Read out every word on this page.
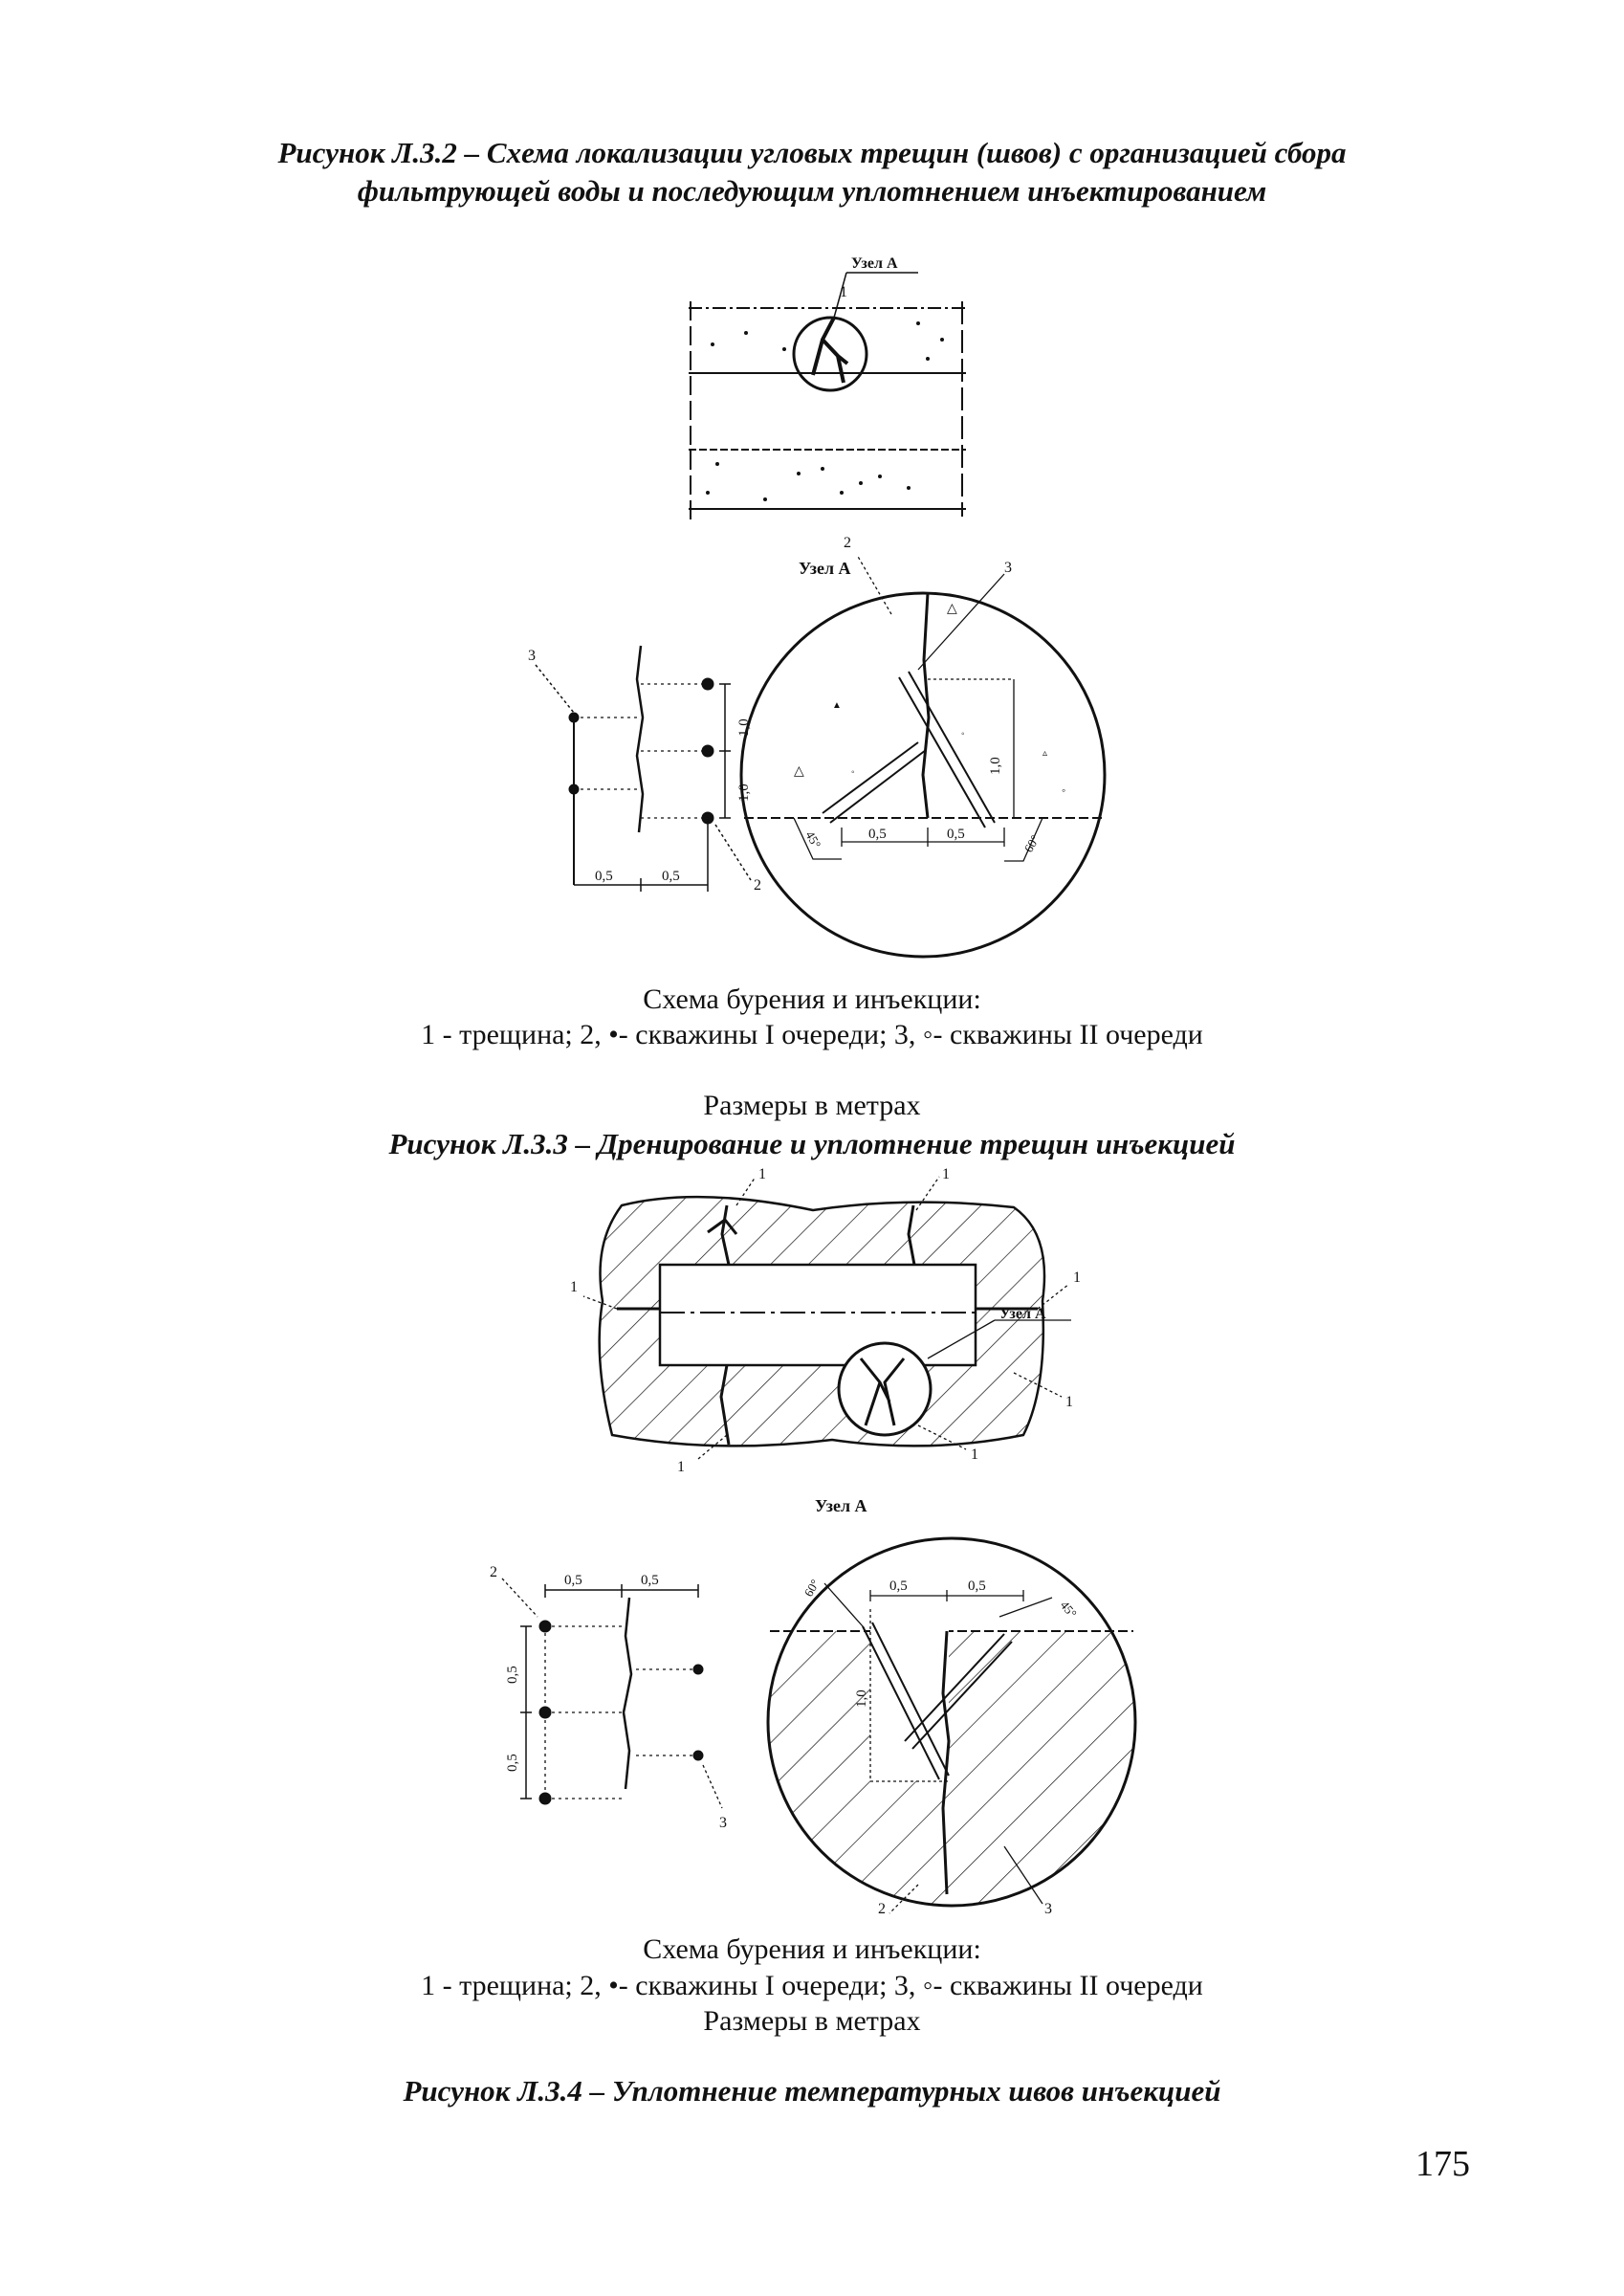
Рисунок Л.3.2 – Схема локализации угловых трещин (швов) с организацией сбора
фильтрующей воды и последующим уплотнением инъектированием
Узел А
1
Узел А
3
1,0
1,0
0,5	0,5
2
2
3
△
▲
◦
△
▵
◦
◦
1,0
0,5	0,5
45°	60°
Схема бурения и инъекции:
1 - трещина; 2, •- скважины I очереди; 3, ◦- скважины II очереди
Размеры в метрах
Рисунок Л.3.3 – Дренирование и уплотнение трещин инъекцией
1	1
1
1
Узел А
1
1
1
Узел А
2
3
0,5	0,5
0,5
0,5
0,5	0,5
1,0
60°
45°
2	3
Схема бурения и инъекции:
1 - трещина; 2, •- скважины I очереди; 3, ◦- скважины II очереди
Размеры в метрах
Рисунок Л.3.4 – Уплотнение температурных швов инъекцией
175
